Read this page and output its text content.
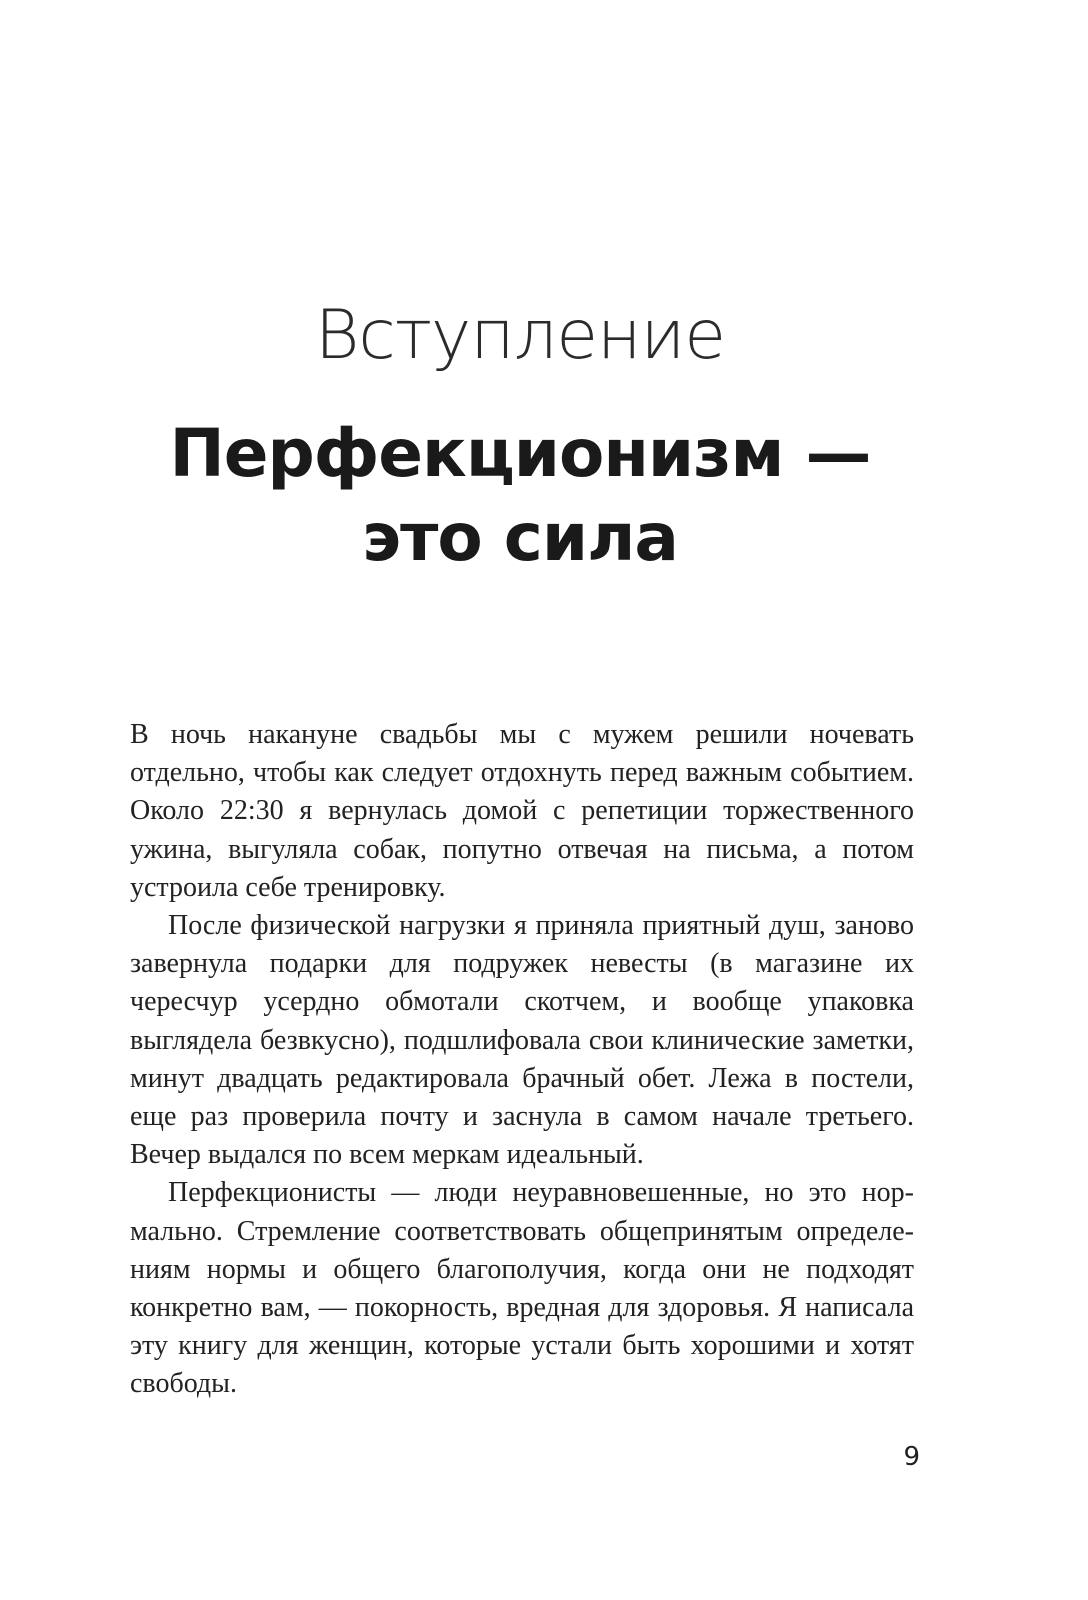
Вступление
Перфекционизм —
это сила

В ночь накануне свадьбы мы с мужем решили ночевать отдельно, чтобы как следует отдохнуть перед важным событием. Около 22:30 я вернулась домой с репетиции торжественного ужина, выгуляла собак, попутно отвечая на письма, а потом устроила себе тренировку.

После физической нагрузки я приняла приятный душ, заново завернула подарки для подружек невесты (в магазине их чересчур усердно обмотали скотчем, и вообще упаковка выглядела безвкусно), подшлифовала свои клинические заметки, минут двадцать редактировала брачный обет. Лежа в постели, еще раз проверила почту и заснула в самом начале третьего. Вечер выдался по всем меркам идеальный.

Перфекционисты — люди неуравновешенные, но это нормально. Стремление соответствовать общепринятым определениям нормы и общего благополучия, когда они не подходят конкретно вам, — покорность, вредная для здоровья. Я написала эту книгу для женщин, которые устали быть хорошими и хотят свободы.

9
